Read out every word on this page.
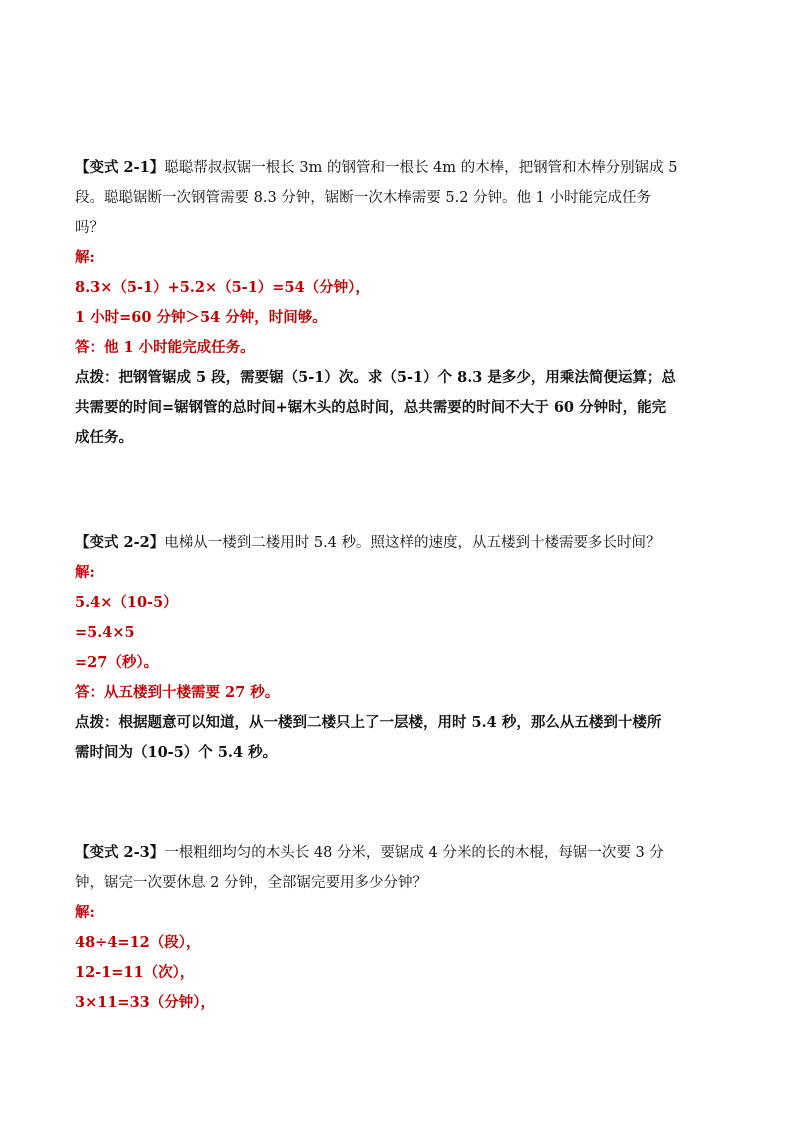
【变式 2-1】聪聪帮叔叔锯一根长 3m 的钢管和一根长 4m 的木棒，把钢管和木棒分别锯成 5
段。聪聪锯断一次钢管需要 8.3 分钟，锯断一次木棒需要 5.2 分钟。他 1 小时能完成任务
吗？
解:
8.3×（5-1）+5.2×（5-1）=54（分钟），
1 小时=60 分钟＞54 分钟，时间够。
答：他 1 小时能完成任务。
点拨：把钢管锯成 5 段，需要锯（5-1）次。求（5-1）个 8.3 是多少，用乘法简便运算；总
共需要的时间=锯钢管的总时间+锯木头的总时间，总共需要的时间不大于 60 分钟时，能完
成任务。
【变式 2-2】电梯从一楼到二楼用时 5.4 秒。照这样的速度，从五楼到十楼需要多长时间？
解:
5.4×（10-5）
=5.4×5
=27（秒）。
答：从五楼到十楼需要 27 秒。
点拨：根据题意可以知道，从一楼到二楼只上了一层楼，用时 5.4 秒，那么从五楼到十楼所
需时间为（10-5）个 5.4 秒。
【变式 2-3】一根粗细均匀的木头长 48 分米，要锯成 4 分米的长的木棍，每锯一次要 3 分
钟，锯完一次要休息 2 分钟，全部锯完要用多少分钟？
解:
48÷4=12（段），
12-1=11（次），
3×11=33（分钟），
